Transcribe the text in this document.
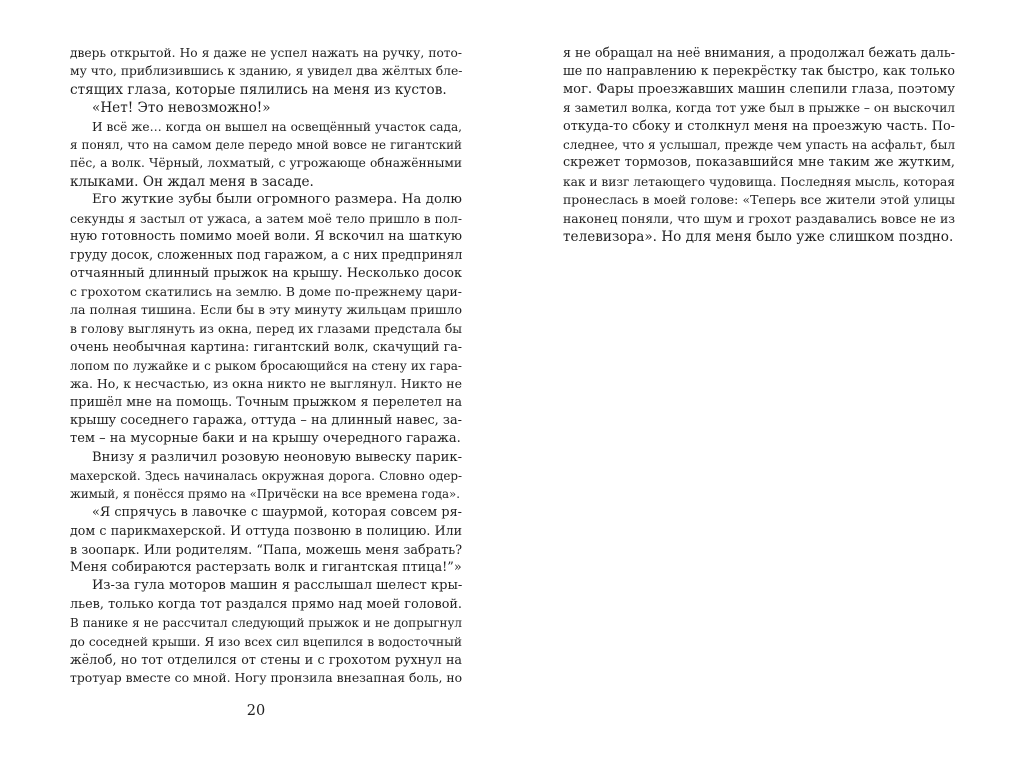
дверь открытой. Но я даже не успел нажать на ручку, пото-
му что, приблизившись к зданию, я увидел два жёлтых бле-
стящих глаза, которые пялились на меня из кустов.
«Нет! Это невозможно!»
И всё же… когда он вышел на освещённый участок сада,
я понял, что на самом деле передо мной вовсе не гигантский
пёс, а волк. Чёрный, лохматый, с угрожающе обнажёнными
клыками. Он ждал меня в засаде.
Его жуткие зубы были огромного размера. На долю
секунды я застыл от ужаса, а затем моё тело пришло в пол-
ную готовность помимо моей воли. Я вскочил на шаткую
груду досок, сложенных под гаражом, а с них предпринял
отчаянный длинный прыжок на крышу. Несколько досок
с грохотом скатились на землю. В доме по-прежнему цари-
ла полная тишина. Если бы в эту минуту жильцам пришло
в голову выглянуть из окна, перед их глазами предстала бы
очень необычная картина: гигантский волк, скачущий га-
лопом по лужайке и с рыком бросающийся на стену их гара-
жа. Но, к несчастью, из окна никто не выглянул. Никто не
пришёл мне на помощь. Точным прыжком я перелетел на
крышу соседнего гаража, оттуда – на длинный навес, за-
тем – на мусорные баки и на крышу очередного гаража.
Внизу я различил розовую неоновую вывеску парик-
махерской. Здесь начиналась окружная дорога. Словно одер-
жимый, я понёсся прямо на «Причёски на все времена года».
«Я спрячусь в лавочке с шаурмой, которая совсем ря-
дом с парикмахерской. И оттуда позвоню в полицию. Или
в зоопарк. Или родителям. “Папа, можешь меня забрать?
Меня собираются растерзать волк и гигантская птица!”»
Из-за гула моторов машин я расслышал шелест кры-
льев, только когда тот раздался прямо над моей головой.
В панике я не рассчитал следующий прыжок и не допрыгнул
до соседней крыши. Я изо всех сил вцепился в водосточный
жёлоб, но тот отделился от стены и с грохотом рухнул на
тротуар вместе со мной. Ногу пронзила внезапная боль, но
20
я не обращал на неё внимания, а продолжал бежать даль-
ше по направлению к перекрёстку так быстро, как только
мог. Фары проезжавших машин слепили глаза, поэтому
я заметил волка, когда тот уже был в прыжке – он выскочил
откуда-то сбоку и столкнул меня на проезжую часть. По-
следнее, что я услышал, прежде чем упасть на асфальт, был
скрежет тормозов, показавшийся мне таким же жутким,
как и визг летающего чудовища. Последняя мысль, которая
пронеслась в моей голове: «Теперь все жители этой улицы
наконец поняли, что шум и грохот раздавались вовсе не из
телевизора». Но для меня было уже слишком поздно.
